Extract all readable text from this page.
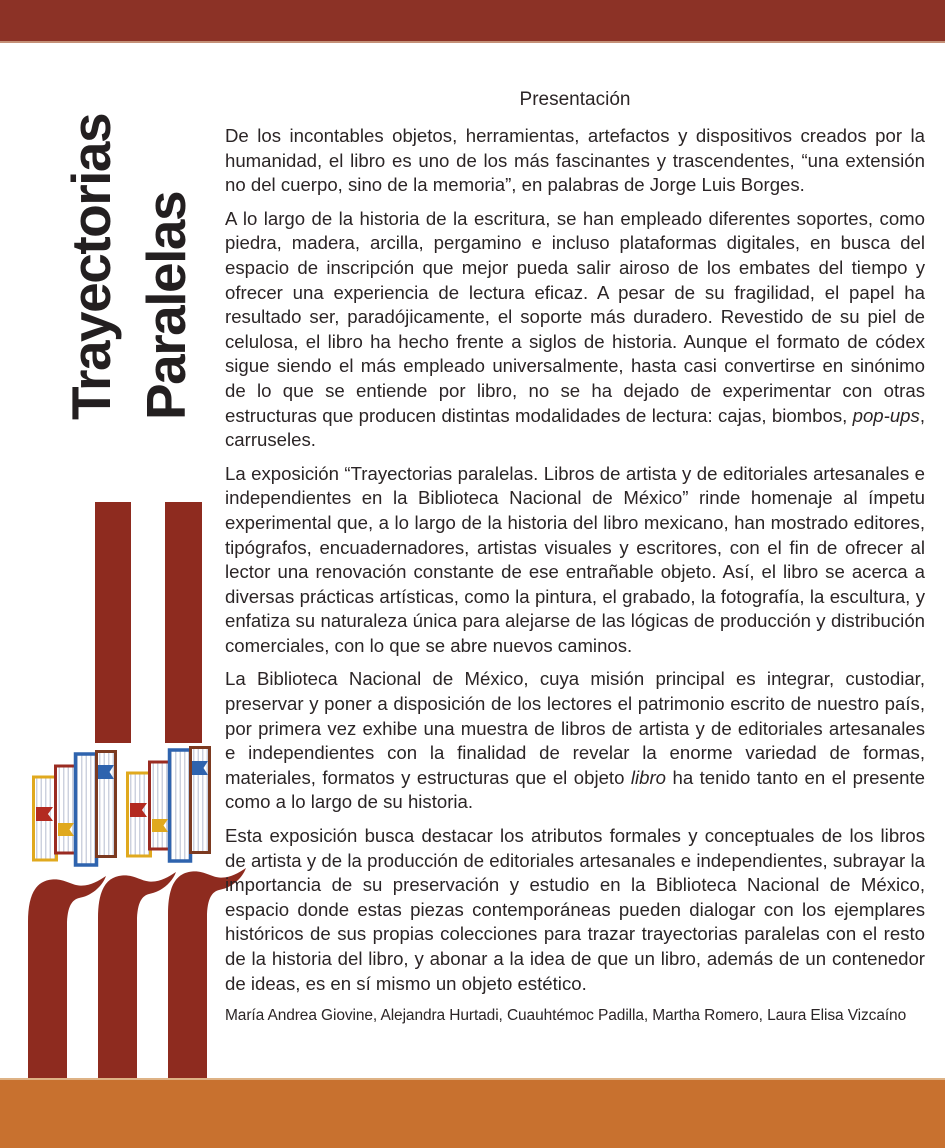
Trayectorias Paralelas
Presentación

De los incontables objetos, herramientas, artefactos y dispositivos creados por la humanidad, el libro es uno de los más fascinantes y trascendentes, “una extensión no del cuerpo, sino de la memoria”, en palabras de Jorge Luis Borges.

A lo largo de la historia de la escritura, se han empleado diferentes soportes, como piedra, madera, arcilla, pergamino e incluso plataformas digitales, en busca del espacio de inscripción que mejor pueda salir airoso de los embates del tiempo y ofrecer una experiencia de lectura eficaz. A pesar de su fragilidad, el papel ha resultado ser, paradójicamente, el soporte más duradero. Revestido de su piel de celulosa, el libro ha hecho frente a siglos de historia. Aunque el formato de códex sigue siendo el más empleado universalmente, hasta casi convertirse en sinónimo de lo que se entiende por libro, no se ha dejado de experimentar con otras estructuras que producen distintas modalidades de lectura: cajas, biombos, pop-ups, carruseles.

La exposición “Trayectorias paralelas. Libros de artista y de editoriales artesanales e independientes en la Biblioteca Nacional de México” rinde homenaje al ímpetu experimental que, a lo largo de la historia del libro mexicano, han mostrado editores, tipógrafos, encuadernadores, artistas visuales y escritores, con el fin de ofrecer al lector una renovación constante de ese entrañable objeto. Así, el libro se acerca a diversas prácticas artísticas, como la pintura, el grabado, la fotografía, la escultura, y enfatiza su naturaleza única para alejarse de las lógicas de producción y distribución comerciales, con lo que se abre nuevos caminos.

La Biblioteca Nacional de México, cuya misión principal es integrar, custodiar, preservar y poner a disposición de los lectores el patrimonio escrito de nuestro país, por primera vez exhibe una muestra de libros de artista y de editoriales artesanales e independientes con la finalidad de revelar la enorme variedad de formas, materiales, formatos y estructuras que el objeto libro ha tenido tanto en el presente como a lo largo de su historia.

Esta exposición busca destacar los atributos formales y conceptuales de los libros de artista y de la producción de editoriales artesanales e independientes, subrayar la importancia de su preservación y estudio en la Biblioteca Nacional de México, espacio donde estas piezas contemporáneas pueden dialogar con los ejemplares históricos de sus propias colecciones para trazar trayectorias paralelas con el resto de la historia del libro, y abonar a la idea de que un libro, además de un contenedor de ideas, es en sí mismo un objeto estético.

María Andrea Giovine, Alejandra Hurtadi, Cuauhtémoc Padilla, Martha Romero, Laura Elisa Vizcaíno
